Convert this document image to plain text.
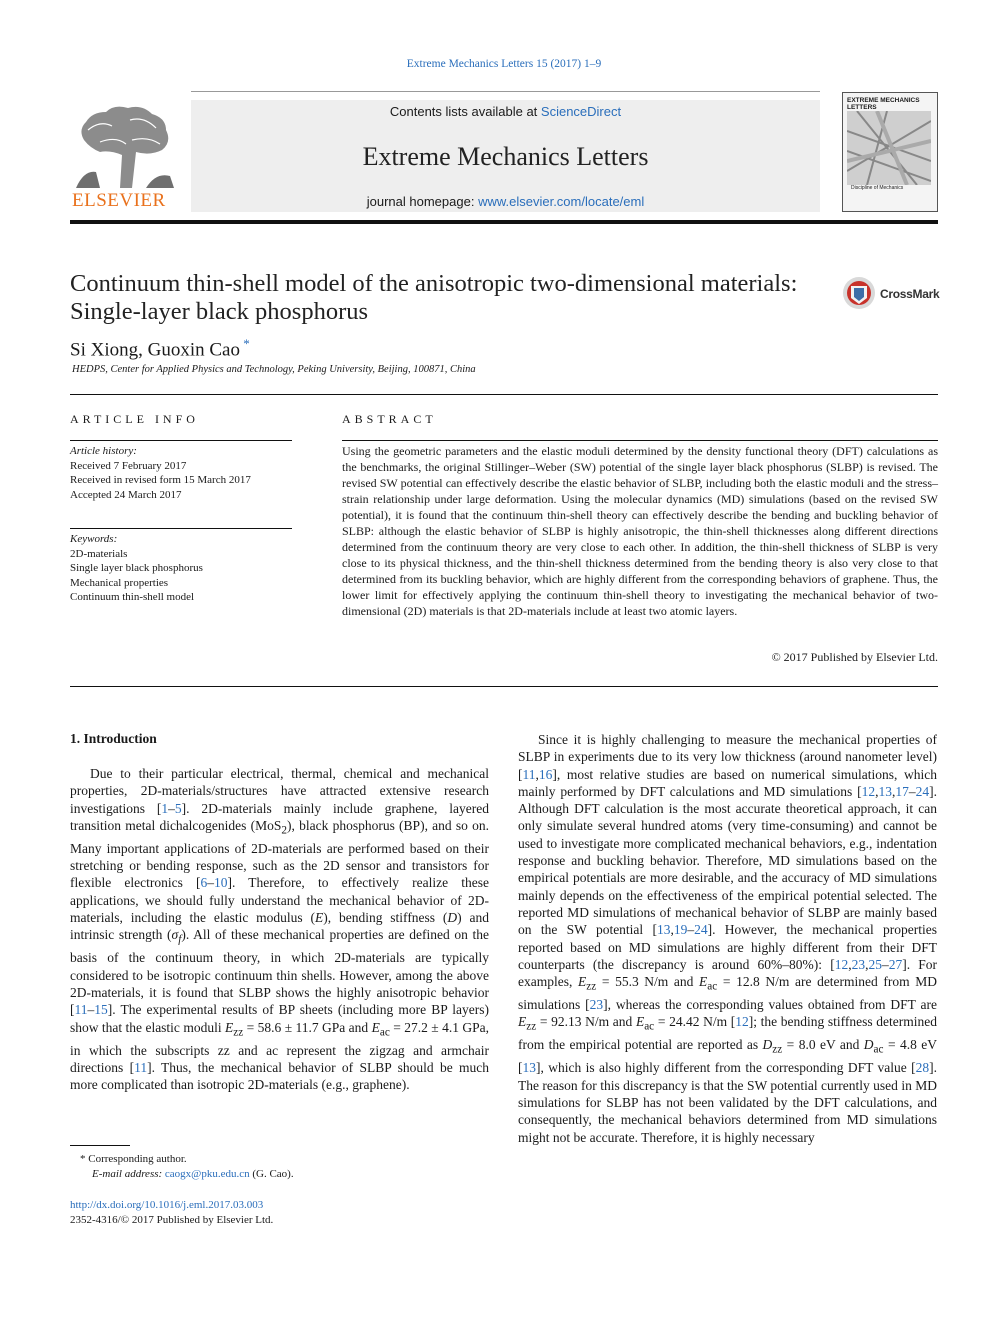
Extreme Mechanics Letters 15 (2017) 1–9
ELSEVIER
Contents lists available at ScienceDirect
Extreme Mechanics Letters
journal homepage: www.elsevier.com/locate/eml
EXTREME MECHANICS LETTERS
Discipline of Mechanics
Continuum thin-shell model of the anisotropic two-dimensional materials: Single-layer black phosphorus
CrossMark
Si Xiong, Guoxin Cao *
HEDPS, Center for Applied Physics and Technology, Peking University, Beijing, 100871, China
ARTICLE INFO
Article history:
Received 7 February 2017
Received in revised form 15 March 2017
Accepted 24 March 2017
Keywords:
2D-materials
Single layer black phosphorus
Mechanical properties
Continuum thin-shell model
ABSTRACT
Using the geometric parameters and the elastic moduli determined by the density functional theory (DFT) calculations as the benchmarks, the original Stillinger–Weber (SW) potential of the single layer black phosphorus (SLBP) is revised. The revised SW potential can effectively describe the elastic behavior of SLBP, including both the elastic moduli and the stress–strain relationship under large deformation. Using the molecular dynamics (MD) simulations (based on the revised SW potential), it is found that the continuum thin-shell theory can effectively describe the bending and buckling behavior of SLBP: although the elastic behavior of SLBP is highly anisotropic, the thin-shell thicknesses along different directions determined from the continuum theory are very close to each other. In addition, the thin-shell thickness of SLBP is very close to its physical thickness, and the thin-shell thickness determined from the bending theory is also very close to that determined from its buckling behavior, which are highly different from the corresponding behaviors of graphene. Thus, the lower limit for effectively applying the continuum thin-shell theory to investigating the mechanical behavior of two-dimensional (2D) materials is that 2D-materials include at least two atomic layers.
© 2017 Published by Elsevier Ltd.
1. Introduction
Due to their particular electrical, thermal, chemical and mechanical properties, 2D-materials/structures have attracted extensive research investigations [1–5]. 2D-materials mainly include graphene, layered transition metal dichalcogenides (MoS$_2$), black phosphorus (BP), and so on. Many important applications of 2D-materials are performed based on their stretching or bending response, such as the 2D sensor and transistors for flexible electronics [6–10]. Therefore, to effectively realize these applications, we should fully understand the mechanical behavior of 2D-materials, including the elastic modulus (E), bending stiffness (D) and intrinsic strength $(\sigma_f)$. All of these mechanical properties are defined on the basis of the continuum theory, in which 2D-materials are typically considered to be isotropic continuum thin shells. However, among the above 2D-materials, it is found that SLBP shows the highly anisotropic behavior [11–15]. The experimental results of BP sheets (including more BP layers) show that the elastic moduli $E_{zz} = 58.6 \pm 11.7$ GPa and $E_{ac} = 27.2 \pm 4.1$ GPa, in which the subscripts zz and ac represent the zigzag and armchair directions [11]. Thus, the mechanical behavior of SLBP should be much more complicated than isotropic 2D-materials (e.g., graphene).
Since it is highly challenging to measure the mechanical properties of SLBP in experiments due to its very low thickness (around nanometer level) [11,16], most relative studies are based on numerical simulations, which mainly performed by DFT calculations and MD simulations [12,13,17–24]. Although DFT calculation is the most accurate theoretical approach, it can only simulate several hundred atoms (very time-consuming) and cannot be used to investigate more complicated mechanical behaviors, e.g., indentation response and buckling behavior. Therefore, MD simulations based on the empirical potentials are more desirable, and the accuracy of MD simulations mainly depends on the effectiveness of the empirical potential selected. The reported MD simulations of mechanical behavior of SLBP are mainly based on the SW potential [13,19–24]. However, the mechanical properties reported based on MD simulations are highly different from their DFT counterparts (the discrepancy is around 60%–80%): [12,23,25–27]. For examples, $E_{zz} = 55.3$ N/m and $E_{ac} = 12.8$ N/m are determined from MD simulations [23], whereas the corresponding values obtained from DFT are $E_{zz} = 92.13$ N/m and $E_{ac} = 24.42$ N/m [12]; the bending stiffness determined from the empirical potential are reported as $D_{zz} = 8.0$ eV and $D_{ac} = 4.8$ eV [13], which is also highly different from the corresponding DFT value [28]. The reason for this discrepancy is that the SW potential currently used in MD simulations for SLBP has not been validated by the DFT calculations, and consequently, the mechanical behaviors determined from MD simulations might not be accurate. Therefore, it is highly necessary
* Corresponding author.
E-mail address: caogx@pku.edu.cn (G. Cao).
http://dx.doi.org/10.1016/j.eml.2017.03.003
2352-4316/© 2017 Published by Elsevier Ltd.
